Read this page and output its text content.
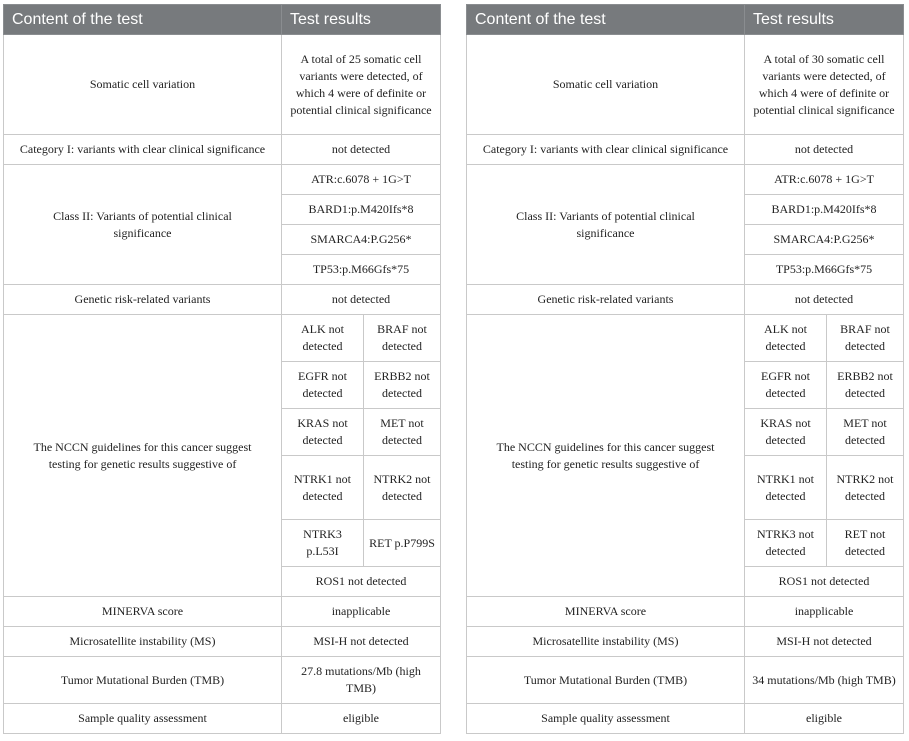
Content of the test	Test results	
Somatic cell variation	A total of 25 somatic cell variants were detected, of which 4 were of definite or potential clinical significance	
Category I: variants with clear clinical significance	not detected	
Class II: Variants of potential clinical significance	ATR:c.6078 + 1G>T	
	BARD1:p.M420Ifs*8	
	SMARCA4:P.G256*	
	TP53:p.M66Gfs*75	
Genetic risk-related variants	not detected	
The NCCN guidelines for this cancer suggest testing for genetic results suggestive of	ALK not detected	BRAF not detected
	EGFR not detected	ERBB2 not detected
	KRAS not detected	MET not detected
	NTRK1 not detected	NTRK2 not detected
	NTRK3 p.L53I	RET p.P799S
	ROS1 not detected	
MINERVA score	inapplicable	
Microsatellite instability (MS)	MSI-H not detected	
Tumor Mutational Burden (TMB)	27.8 mutations/Mb (high TMB)	
Sample quality assessment	eligible	
Content of the test	Test results	
Somatic cell variation	A total of 30 somatic cell variants were detected, of which 4 were of definite or potential clinical significance	
Category I: variants with clear clinical significance	not detected	
Class II: Variants of potential clinical significance	ATR:c.6078 + 1G>T	
	BARD1:p.M420Ifs*8	
	SMARCA4:P.G256*	
	TP53:p.M66Gfs*75	
Genetic risk-related variants	not detected	
The NCCN guidelines for this cancer suggest testing for genetic results suggestive of	ALK not detected	BRAF not detected
	EGFR not detected	ERBB2 not detected
	KRAS not detected	MET not detected
	NTRK1 not detected	NTRK2 not detected
	NTRK3 not detected	RET not detected
	ROS1 not detected	
MINERVA score	inapplicable	
Microsatellite instability (MS)	MSI-H not detected	
Tumor Mutational Burden (TMB)	34 mutations/Mb (high TMB)	
Sample quality assessment	eligible	
